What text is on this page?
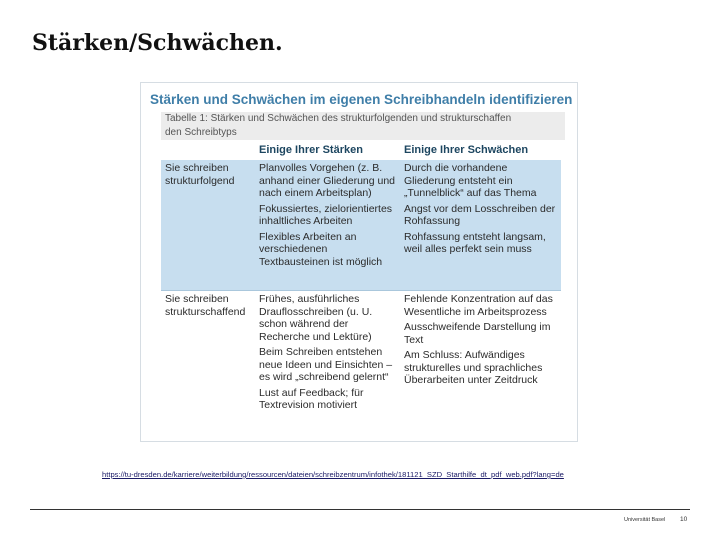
Stärken/Schwächen.
Stärken und Schwächen im eigenen Schreibhandeln identifizieren
Tabelle 1: Stärken und Schwächen des strukturfolgenden und strukturschaffen
den Schreibtyps
Einige Ihrer Stärken	Einige Ihrer Schwächen
Sie schreiben strukturfolgend
Planvolles Vorgehen (z. B. anhand einer Gliederung und nach einem Arbeitsplan)
Fokussiertes, zielorientiertes inhaltliches Arbeiten
Flexibles Arbeiten an verschiedenen Textbausteinen ist möglich
Durch die vorhandene Gliederung entsteht ein „Tunnelblick“ auf das Thema
Angst vor dem Losschreiben der Rohfassung
Rohfassung entsteht langsam, weil alles perfekt sein muss
Sie schreiben strukturschaffend
Frühes, ausführliches Drauflosschreiben (u. U. schon während der Recherche und Lektüre)
Beim Schreiben entstehen neue Ideen und Einsichten – es wird „schreibend gelernt“
Lust auf Feedback; für Textrevision motiviert
Fehlende Konzentration auf das Wesentliche im Arbeitsprozess
Ausschweifende Darstellung im Text
Am Schluss: Aufwändiges strukturelles und sprachliches Überarbeiten unter Zeitdruck
https://tu-dresden.de/karriere/weiterbildung/ressourcen/dateien/schreibzentrum/infothek/181121_SZD_Starthilfe_dt_pdf_web.pdf?lang=de
Universität Basel 10
